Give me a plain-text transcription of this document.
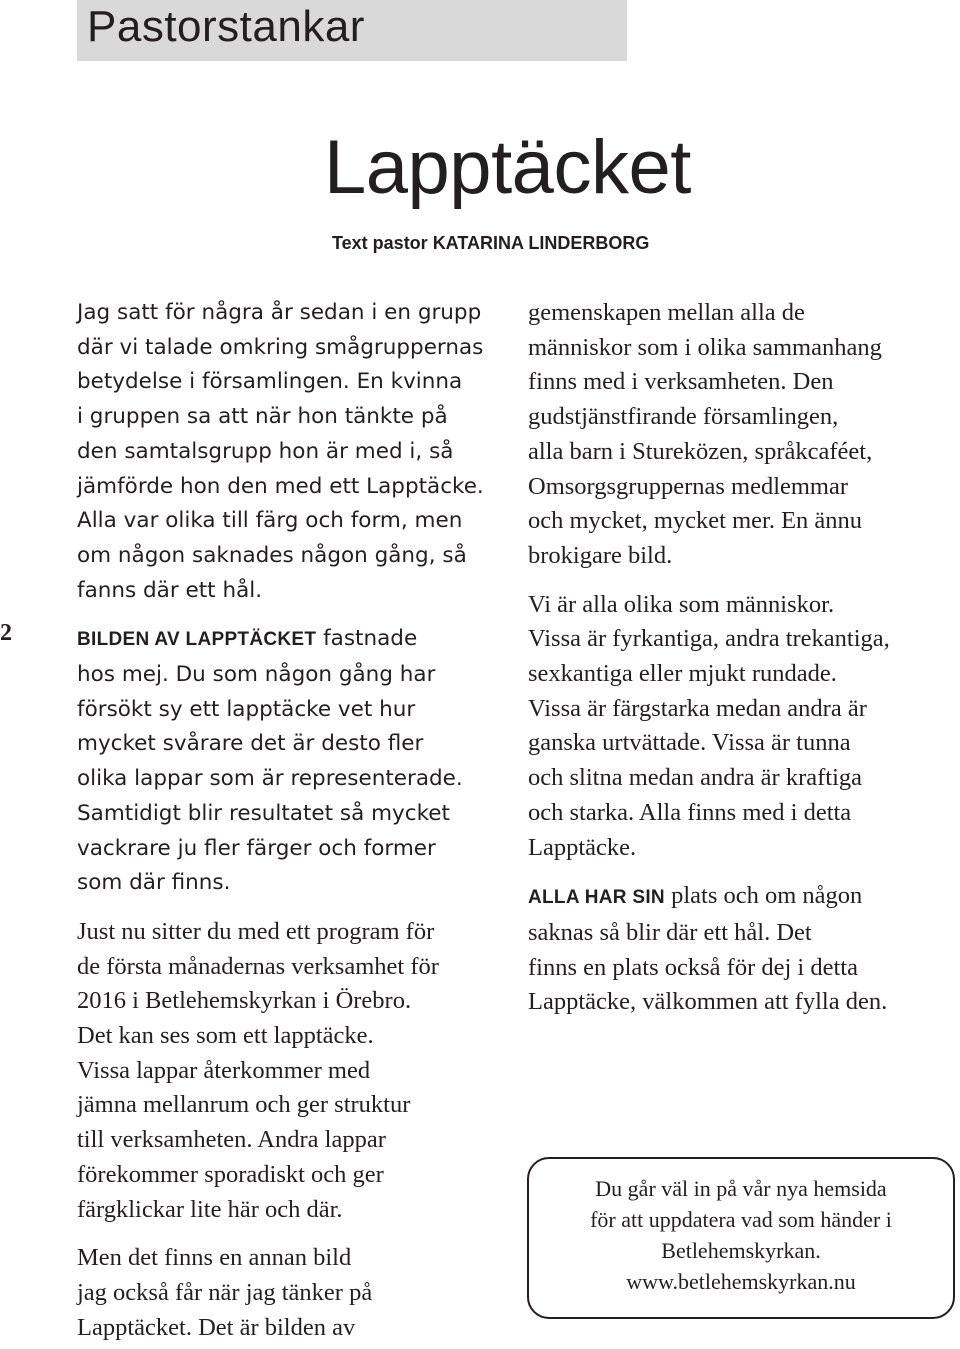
Pastorstankar
Lapptäcket
Text pastor KATARINA LINDERBORG
2

Jag satt för några år sedan i en grupp
där vi talade omkring smågruppernas
betydelse i församlingen. En kvinna
i gruppen sa att när hon tänkte på
den samtalsgrupp hon är med i, så
jämförde hon den med ett Lapptäcke.
Alla var olika till färg och form, men
om någon saknades någon gång, så
fanns där ett hål.

BILDEN AV LAPPTÄCKET fastnade
hos mej. Du som någon gång har
försökt sy ett lapptäcke vet hur
mycket svårare det är desto fler
olika lappar som är representerade.
Samtidigt blir resultatet så mycket
vackrare ju fler färger och former
som där finns.

Just nu sitter du med ett program för
de första månadernas verksamhet för
2016 i Betlehemskyrkan i Örebro.
Det kan ses som ett lapptäcke.
Vissa lappar återkommer med
jämna mellanrum och ger struktur
till verksamheten. Andra lappar
förekommer sporadiskt och ger
färgklickar lite här och där.

Men det finns en annan bild
jag också får när jag tänker på
Lapptäcket. Det är bilden av

gemenskapen mellan alla de
människor som i olika sammanhang
finns med i verksamheten. Den
gudstjänstfirande församlingen,
alla barn i Stureközen, språkcaféet,
Omsorgsgruppernas medlemmar
och mycket, mycket mer. En ännu
brokigare bild.

Vi är alla olika som människor.
Vissa är fyrkantiga, andra trekantiga,
sexkantiga eller mjukt rundade.
Vissa är färgstarka medan andra är
ganska urtvättade. Vissa är tunna
och slitna medan andra är kraftiga
och starka. Alla finns med i detta
Lapptäcke.

ALLA HAR SIN plats och om någon
saknas så blir där ett hål. Det
finns en plats också för dej i detta
Lapptäcke, välkommen att fylla den.

Du går väl in på vår nya hemsida
för att uppdatera vad som händer i
Betlehemskyrkan.
www.betlehemskyrkan.nu
